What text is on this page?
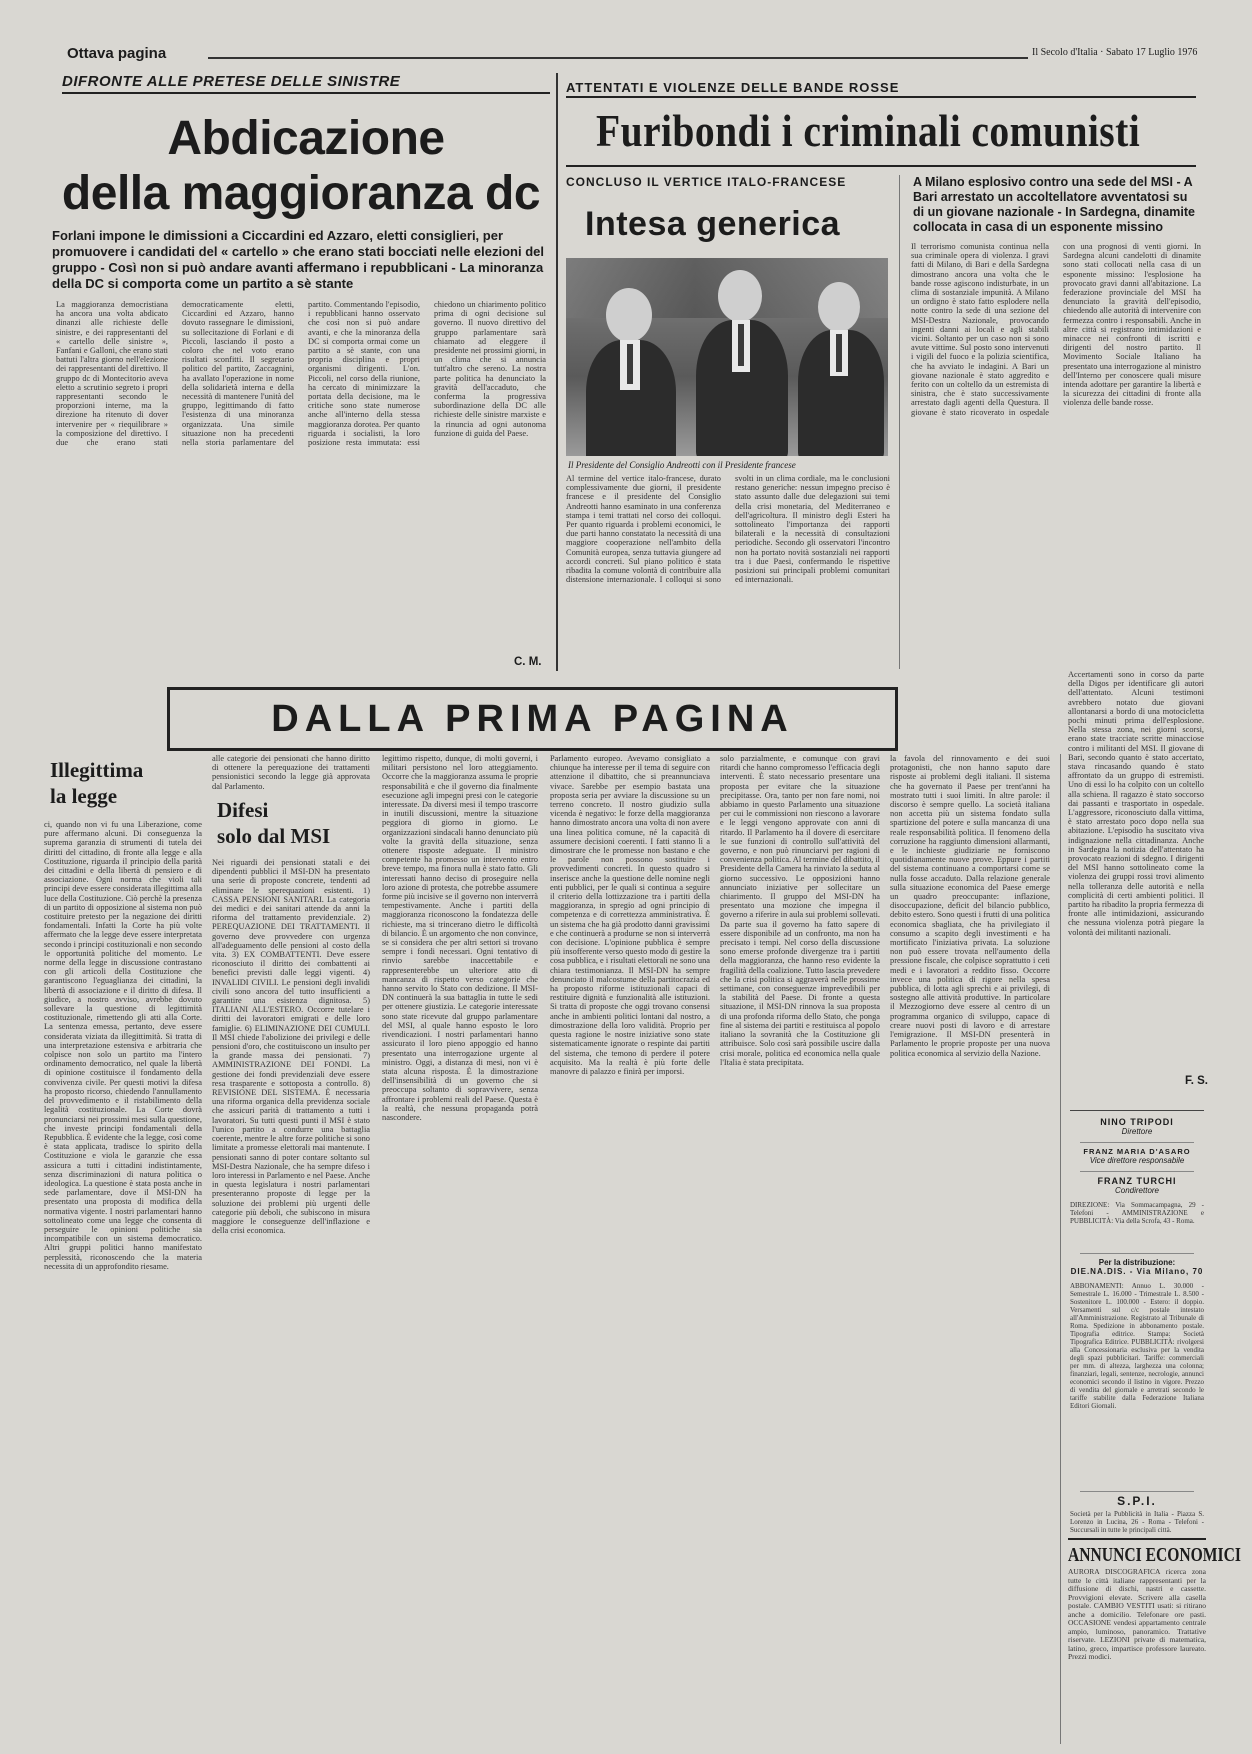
Ottava pagina	Il Secolo d'Italia · Sabato 17 Luglio 1976
DIFRONTE ALLE PRETESE DELLE SINISTRE	ATTENTATI E VIOLENZE DELLE BANDE ROSSE
Abdicazione
della maggioranza dc
Forlani impone le dimissioni a Ciccardini ed Azzaro, eletti consiglieri, per promuovere i candidati del « cartello » che erano stati bocciati nelle elezioni del gruppo - Così non si può andare avanti affermano i repubblicani - La minoranza della DC si comporta come un partito a sè stante
La maggioranza democristiana ha ancora una volta abdicato dinanzi alle richieste delle sinistre, e dei rappresentanti del « cartello delle sinistre », Fanfani e Galloni, che erano stati battuti l'altra giorno nell'elezione dei rappresentanti del direttivo. Il gruppo dc di Montecitorio aveva eletto a scrutinio segreto i propri rappresentanti secondo le proporzioni interne, ma la direzione ha ritenuto di dover intervenire per « riequilibrare » la composizione del direttivo. I due che erano stati democraticamente eletti, Ciccardini ed Azzaro, hanno dovuto rassegnare le dimissioni, su sollecitazione di Forlani e di Piccoli, lasciando il posto a coloro che nel voto erano risultati sconfitti. Il segretario politico del partito, Zaccagnini, ha avallato l'operazione in nome della solidarietà interna e della necessità di mantenere l'unità del gruppo, legittimando di fatto l'esistenza di una minoranza organizzata. Una simile situazione non ha precedenti nella storia parlamentare del partito. Commentando l'episodio, i repubblicani hanno osservato che così non si può andare avanti, e che la minoranza della DC si comporta ormai come un partito a sè stante, con una propria disciplina e propri organismi dirigenti. L'on. Piccoli, nel corso della riunione, ha cercato di minimizzare la portata della decisione, ma le critiche sono state numerose anche all'interno della stessa maggioranza dorotea. Per quanto riguarda i socialisti, la loro posizione resta immutata: essi chiedono un chiarimento politico prima di ogni decisione sul governo. Il nuovo direttivo del gruppo parlamentare sarà chiamato ad eleggere il presidente nei prossimi giorni, in un clima che si annuncia tutt'altro che sereno. La nostra parte politica ha denunciato la gravità dell'accaduto, che conferma la progressiva subordinazione della DC alle richieste delle sinistre marxiste e la rinuncia ad ogni autonoma funzione di guida del Paese.
C. M.
Furibondi i criminali comunisti
CONCLUSO IL VERTICE ITALO-FRANCESE
Intesa generica
Il Presidente del Consiglio Andreotti con il Presidente francese
Al termine del vertice italo-francese, durato complessivamente due giorni, il presidente francese e il presidente del Consiglio Andreotti hanno esaminato in una conferenza stampa i temi trattati nel corso dei colloqui. Per quanto riguarda i problemi economici, le due parti hanno constatato la necessità di una maggiore cooperazione nell'ambito della Comunità europea, senza tuttavia giungere ad accordi concreti. Sul piano politico è stata ribadita la comune volontà di contribuire alla distensione internazionale. I colloqui si sono svolti in un clima cordiale, ma le conclusioni restano generiche: nessun impegno preciso è stato assunto dalle due delegazioni sui temi della crisi monetaria, del Mediterraneo e dell'agricoltura. Il ministro degli Esteri ha sottolineato l'importanza dei rapporti bilaterali e la necessità di consultazioni periodiche. Secondo gli osservatori l'incontro non ha portato novità sostanziali nei rapporti tra i due Paesi, confermando le rispettive posizioni sui principali problemi comunitari ed internazionali.
A Milano esplosivo contro una sede del MSI - A Bari arrestato un accoltellatore avventatosi su di un giovane nazionale - In Sardegna, dinamite collocata in casa di un esponente missino
Il terrorismo comunista continua nella sua criminale opera di violenza. I gravi fatti di Milano, di Bari e della Sardegna dimostrano ancora una volta che le bande rosse agiscono indisturbate, in un clima di sostanziale impunità. A Milano un ordigno è stato fatto esplodere nella notte contro la sede di una sezione del MSI-Destra Nazionale, provocando ingenti danni ai locali e agli stabili vicini. Soltanto per un caso non si sono avute vittime. Sul posto sono intervenuti i vigili del fuoco e la polizia scientifica, che ha avviato le indagini. A Bari un giovane nazionale è stato aggredito e ferito con un coltello da un estremista di sinistra, che è stato successivamente arrestato dagli agenti della Questura. Il giovane è stato ricoverato in ospedale con una prognosi di venti giorni. In Sardegna alcuni candelotti di dinamite sono stati collocati nella casa di un esponente missino: l'esplosione ha provocato gravi danni all'abitazione. La federazione provinciale del MSI ha denunciato la gravità dell'episodio, chiedendo alle autorità di intervenire con fermezza contro i responsabili. Anche in altre città si registrano intimidazioni e minacce nei confronti di iscritti e dirigenti del nostro partito. Il Movimento Sociale Italiano ha presentato una interrogazione al ministro dell'Interno per conoscere quali misure intenda adottare per garantire la libertà e la sicurezza dei cittadini di fronte alla violenza delle bande rosse.
DALLA PRIMA PAGINA
Illegittima
la legge
ci, quando non vi fu una Liberazione, come pure affermano alcuni. Di conseguenza la suprema garanzia di strumenti di tutela dei diritti del cittadino, di fronte alla legge e alla Costituzione, riguarda il principio della parità dei cittadini e della libertà di pensiero e di associazione. Ogni norma che violi tali principi deve essere considerata illegittima alla luce della Costituzione. Ciò perchè la presenza di un partito di opposizione al sistema non può costituire pretesto per la negazione dei diritti fondamentali. Infatti la Corte ha più volte affermato che la legge deve essere interpretata secondo i principi costituzionali e non secondo le opportunità politiche del momento. Le norme della legge in discussione contrastano con gli articoli della Costituzione che garantiscono l'eguaglianza dei cittadini, la libertà di associazione e il diritto di difesa. Il giudice, a nostro avviso, avrebbe dovuto sollevare la questione di legittimità costituzionale, rimettendo gli atti alla Corte. La sentenza emessa, pertanto, deve essere considerata viziata da illegittimità. Si tratta di una interpretazione estensiva e arbitraria che colpisce non solo un partito ma l'intero ordinamento democratico, nel quale la libertà di opinione costituisce il fondamento della convivenza civile. Per questi motivi la difesa ha proposto ricorso, chiedendo l'annullamento del provvedimento e il ristabilimento della legalità costituzionale. La Corte dovrà pronunciarsi nei prossimi mesi sulla questione, che investe principi fondamentali della Repubblica. È evidente che la legge, così come è stata applicata, tradisce lo spirito della Costituzione e viola le garanzie che essa assicura a tutti i cittadini indistintamente, senza discriminazioni di natura politica o ideologica. La questione è stata posta anche in sede parlamentare, dove il MSI-DN ha presentato una proposta di modifica della normativa vigente. I nostri parlamentari hanno sottolineato come una legge che consenta di perseguire le opinioni politiche sia incompatibile con un sistema democratico. Altri gruppi politici hanno manifestato perplessità, riconoscendo che la materia necessita di un approfondito riesame.
Difesi
solo dal MSI
alle categorie dei pensionati che hanno diritto di ottenere la perequazione dei trattamenti pensionistici secondo la legge già approvata dal Parlamento.
Nei riguardi dei pensionati statali e dei dipendenti pubblici il MSI-DN ha presentato una serie di proposte concrete, tendenti ad eliminare le sperequazioni esistenti. 1) CASSA PENSIONI SANITARI. La categoria dei medici e dei sanitari attende da anni la riforma del trattamento previdenziale. 2) PEREQUAZIONE DEI TRATTAMENTI. Il governo deve provvedere con urgenza all'adeguamento delle pensioni al costo della vita. 3) EX COMBATTENTI. Deve essere riconosciuto il diritto dei combattenti ai benefici previsti dalle leggi vigenti. 4) INVALIDI CIVILI. Le pensioni degli invalidi civili sono ancora del tutto insufficienti a garantire una esistenza dignitosa. 5) ITALIANI ALL'ESTERO. Occorre tutelare i diritti dei lavoratori emigrati e delle loro famiglie. 6) ELIMINAZIONE DEI CUMULI. Il MSI chiede l'abolizione dei privilegi e delle pensioni d'oro, che costituiscono un insulto per la grande massa dei pensionati. 7) AMMINISTRAZIONE DEI FONDI. La gestione dei fondi previdenziali deve essere resa trasparente e sottoposta a controllo. 8) REVISIONE DEL SISTEMA. È necessaria una riforma organica della previdenza sociale che assicuri parità di trattamento a tutti i lavoratori. Su tutti questi punti il MSI è stato l'unico partito a condurre una battaglia coerente, mentre le altre forze politiche si sono limitate a promesse elettorali mai mantenute. I pensionati sanno di poter contare soltanto sul MSI-Destra Nazionale, che ha sempre difeso i loro interessi in Parlamento e nel Paese. Anche in questa legislatura i nostri parlamentari presenteranno proposte di legge per la soluzione dei problemi più urgenti delle categorie più deboli, che subiscono in misura maggiore le conseguenze dell'inflazione e della crisi economica.
legittimo rispetto, dunque, di molti governi, i militari persistono nel loro atteggiamento. Occorre che la maggioranza assuma le proprie responsabilità e che il governo dia finalmente esecuzione agli impegni presi con le categorie interessate. Da diversi mesi il tempo trascorre in inutili discussioni, mentre la situazione peggiora di giorno in giorno. Le organizzazioni sindacali hanno denunciato più volte la gravità della situazione, senza ottenere risposte adeguate. Il ministro competente ha promesso un intervento entro breve tempo, ma finora nulla è stato fatto. Gli interessati hanno deciso di proseguire nella loro azione di protesta, che potrebbe assumere forme più incisive se il governo non interverrà tempestivamente. Anche i partiti della maggioranza riconoscono la fondatezza delle richieste, ma si trincerano dietro le difficoltà di bilancio. È un argomento che non convince, se si considera che per altri settori si trovano sempre i fondi necessari. Ogni tentativo di rinvio sarebbe inaccettabile e rappresenterebbe un ulteriore atto di mancanza di rispetto verso categorie che hanno servito lo Stato con dedizione. Il MSI-DN continuerà la sua battaglia in tutte le sedi per ottenere giustizia. Le categorie interessate sono state ricevute dal gruppo parlamentare del MSI, al quale hanno esposto le loro rivendicazioni. I nostri parlamentari hanno assicurato il loro pieno appoggio ed hanno presentato una interrogazione urgente al ministro. Oggi, a distanza di mesi, non vi è stata alcuna risposta. È la dimostrazione dell'insensibilità di un governo che si preoccupa soltanto di sopravvivere, senza affrontare i problemi reali del Paese. Questa è la realtà, che nessuna propaganda potrà nascondere.
Parlamento europeo. Avevamo consigliato a chiunque ha interesse per il tema di seguire con attenzione il dibattito, che si preannunciava vivace. Sarebbe per esempio bastata una proposta seria per avviare la discussione su un terreno concreto. Il nostro giudizio sulla vicenda è negativo: le forze della maggioranza hanno dimostrato ancora una volta di non avere una linea politica comune, né la capacità di assumere decisioni coerenti. I fatti stanno lì a dimostrare che le promesse non bastano e che le parole non possono sostituire i provvedimenti concreti. In questo quadro si inserisce anche la questione delle nomine negli enti pubblici, per le quali si continua a seguire il criterio della lottizzazione tra i partiti della maggioranza, in spregio ad ogni principio di competenza e di correttezza amministrativa. È un sistema che ha già prodotto danni gravissimi e che continuerà a produrne se non si interverrà con decisione. L'opinione pubblica è sempre più insofferente verso questo modo di gestire la cosa pubblica, e i risultati elettorali ne sono una chiara testimonianza. Il MSI-DN ha sempre denunciato il malcostume della partitocrazia ed ha proposto riforme istituzionali capaci di restituire dignità e funzionalità alle istituzioni. Si tratta di proposte che oggi trovano consensi anche in ambienti politici lontani dal nostro, a dimostrazione della loro validità. Proprio per questa ragione le nostre iniziative sono state sistematicamente ignorate o respinte dai partiti del sistema, che temono di perdere il potere acquisito. Ma la realtà è più forte delle manovre di palazzo e finirà per imporsi.
solo parzialmente, e comunque con gravi ritardi che hanno compromesso l'efficacia degli interventi. È stato necessario presentare una proposta per evitare che la situazione precipitasse. Ora, tanto per non fare nomi, noi abbiamo in questo Parlamento una situazione per cui le commissioni non riescono a lavorare e le leggi vengono approvate con anni di ritardo. Il Parlamento ha il dovere di esercitare le sue funzioni di controllo sull'attività del governo, e non può rinunciarvi per ragioni di convenienza politica. Al termine del dibattito, il Presidente della Camera ha rinviato la seduta al giorno successivo. Le opposizioni hanno annunciato iniziative per sollecitare un chiarimento. Il gruppo del MSI-DN ha presentato una mozione che impegna il governo a riferire in aula sui problemi sollevati. Da parte sua il governo ha fatto sapere di essere disponibile ad un confronto, ma non ha precisato i tempi. Nel corso della discussione sono emerse profonde divergenze tra i partiti della maggioranza, che hanno reso evidente la fragilità della coalizione. Tutto lascia prevedere che la crisi politica si aggraverà nelle prossime settimane, con conseguenze imprevedibili per la stabilità del Paese. Di fronte a questa situazione, il MSI-DN rinnova la sua proposta di una profonda riforma dello Stato, che ponga fine al sistema dei partiti e restituisca al popolo italiano la sovranità che la Costituzione gli attribuisce. Solo così sarà possibile uscire dalla crisi morale, politica ed economica nella quale l'Italia è stata precipitata.
la favola del rinnovamento e dei suoi protagonisti, che non hanno saputo dare risposte ai problemi degli italiani. Il sistema che ha governato il Paese per trent'anni ha mostrato tutti i suoi limiti. In altre parole: il discorso è sempre quello. La società italiana non accetta più un sistema fondato sulla spartizione del potere e sulla mancanza di una reale responsabilità politica. Il fenomeno della corruzione ha raggiunto dimensioni allarmanti, e le inchieste giudiziarie ne forniscono quotidianamente nuove prove. Eppure i partiti del sistema continuano a comportarsi come se nulla fosse accaduto. Dalla relazione generale sulla situazione economica del Paese emerge un quadro preoccupante: inflazione, disoccupazione, deficit del bilancio pubblico, debito estero. Sono questi i frutti di una politica economica sbagliata, che ha privilegiato il consumo a scapito degli investimenti e ha mortificato l'iniziativa privata. La soluzione non può essere trovata nell'aumento della pressione fiscale, che colpisce soprattutto i ceti medi e i lavoratori a reddito fisso. Occorre invece una politica di rigore nella spesa pubblica, di lotta agli sprechi e ai privilegi, di sostegno alle attività produttive. In particolare il Mezzogiorno deve essere al centro di un programma organico di sviluppo, capace di creare nuovi posti di lavoro e di arrestare l'emigrazione. Il MSI-DN presenterà in Parlamento le proprie proposte per una nuova politica economica al servizio della Nazione.
Accertamenti sono in corso da parte della Digos per identificare gli autori dell'attentato. Alcuni testimoni avrebbero notato due giovani allontanarsi a bordo di una motocicletta pochi minuti prima dell'esplosione. Nella stessa zona, nei giorni scorsi, erano state tracciate scritte minacciose contro i militanti del MSI. Il giovane di Bari, secondo quanto è stato accertato, stava rincasando quando è stato affrontato da un gruppo di estremisti. Uno di essi lo ha colpito con un coltello alla schiena. Il ragazzo è stato soccorso dai passanti e trasportato in ospedale. L'aggressore, riconosciuto dalla vittima, è stato arrestato poco dopo nella sua abitazione. L'episodio ha suscitato viva indignazione nella cittadinanza. Anche in Sardegna la notizia dell'attentato ha provocato reazioni di sdegno. I dirigenti del MSI hanno sottolineato come la violenza dei gruppi rossi trovi alimento nella tolleranza delle autorità e nella complicità di certi ambienti politici. Il partito ha ribadito la propria fermezza di fronte alle intimidazioni, assicurando che nessuna violenza potrà piegare la volontà dei militanti nazionali.
F. S.
NINO TRIPODI
Direttore
FRANZ MARIA D'ASARO
Vice direttore responsabile
FRANZ TURCHI
Condirettore
DIREZIONE: Via Sommacampagna, 29 - Telefoni - AMMINISTRAZIONE e PUBBLICITÀ: Via della Scrofa, 43 - Roma.
Per la distribuzione:
DIE.NA.DIS. - Via Milano, 70
ABBONAMENTI: Annuo L. 30.000 - Semestrale L. 16.000 - Trimestrale L. 8.500 - Sostenitore L. 100.000 - Estero: il doppio. Versamenti sul c/c postale intestato all'Amministrazione. Registrato al Tribunale di Roma. Spedizione in abbonamento postale. Tipografia editrice. Stampa: Società Tipografica Editrice. PUBBLICITÀ: rivolgersi alla Concessionaria esclusiva per la vendita degli spazi pubblicitari. Tariffe: commerciali per mm. di altezza, larghezza una colonna; finanziari, legali, sentenze, necrologie, annunci economici secondo il listino in vigore. Prezzo di vendita del giornale e arretrati secondo le tariffe stabilite dalla Federazione Italiana Editori Giornali.
S.P.I.
Società per la Pubblicità in Italia - Piazza S. Lorenzo in Lucina, 26 - Roma - Telefoni - Succursali in tutte le principali città.
ANNUNCI ECONOMICI
AURORA DISCOGRAFICA ricerca zona tutte le città italiane rappresentanti per la diffusione di dischi, nastri e cassette. Provvigioni elevate. Scrivere alla casella postale. CAMBIO VESTITI usati: si ritirano anche a domicilio. Telefonare ore pasti. OCCASIONE vendesi appartamento centrale ampio, luminoso, panoramico. Trattative riservate. LEZIONI private di matematica, latino, greco, impartisce professore laureato. Prezzi modici.
